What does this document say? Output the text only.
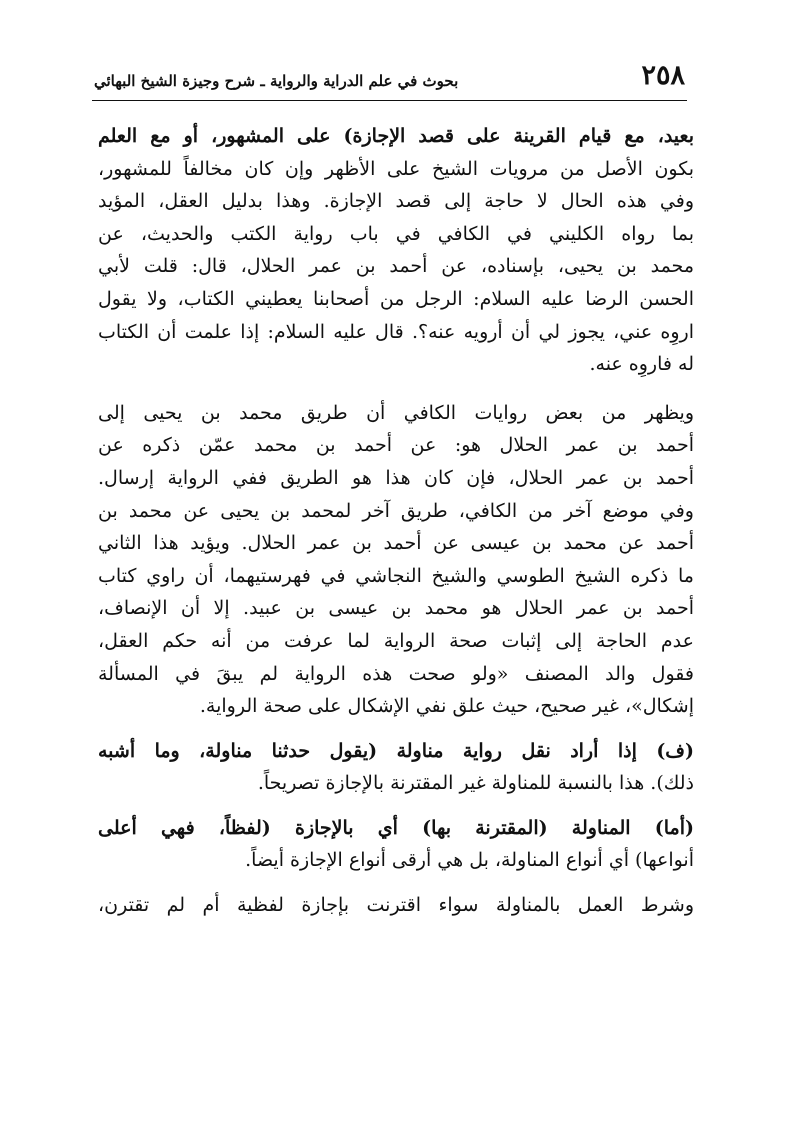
٢٥٨
بحوث في علم الدراية والرواية ـ شرح وجيزة الشيخ البهائي
بعيد، مع قيام القرينة على قصد الإجازة) على المشهور، أو مع العلم
بكون الأصل من مرويات الشيخ على الأظهر وإن كان مخالفاً للمشهور،
وفي هذه الحال لا حاجة إلى قصد الإجازة. وهذا بدليل العقل، المؤيد
بما رواه الكليني في الكافي في باب رواية الكتب والحديث، عن
محمد بن يحيى، بإسناده، عن أحمد بن عمر الحلال، قال: قلت لأبي
الحسن الرضا عليه السلام: الرجل من أصحابنا يعطيني الكتاب، ولا يقول
اروِه عني، يجوز لي أن أرويه عنه؟. قال عليه السلام: إذا علمت أن الكتاب
له فاروِه عنه.
ويظهر من بعض روايات الكافي أن طريق محمد بن يحيى إلى
أحمد بن عمر الحلال هو: عن أحمد بن محمد عمّن ذكره عن
أحمد بن عمر الحلال، فإن كان هذا هو الطريق ففي الرواية إرسال.
وفي موضع آخر من الكافي، طريق آخر لمحمد بن يحيى عن محمد بن
أحمد عن محمد بن عيسى عن أحمد بن عمر الحلال. ويؤيد هذا الثاني
ما ذكره الشيخ الطوسي والشيخ النجاشي في فهرستيهما، أن راوي كتاب
أحمد بن عمر الحلال هو محمد بن عيسى بن عبيد. إلا أن الإنصاف،
عدم الحاجة إلى إثبات صحة الرواية لما عرفت من أنه حكم العقل،
فقول والد المصنف «ولو صحت هذه الرواية لم يبقَ في المسألة
إشكال»، غير صحيح، حيث علق نفي الإشكال على صحة الرواية.
(ف) إذا أراد نقل رواية مناولة (يقول حدثنا مناولة، وما أشبه
ذلك). هذا بالنسبة للمناولة غير المقترنة بالإجازة تصريحاً.
(أما) المناولة (المقترنة بها) أي بالإجازة (لفظاً، فهي أعلى
أنواعها) أي أنواع المناولة، بل هي أرقى أنواع الإجازة أيضاً.
وشرط العمل بالمناولة سواء اقترنت بإجازة لفظية أم لم تقترن،
